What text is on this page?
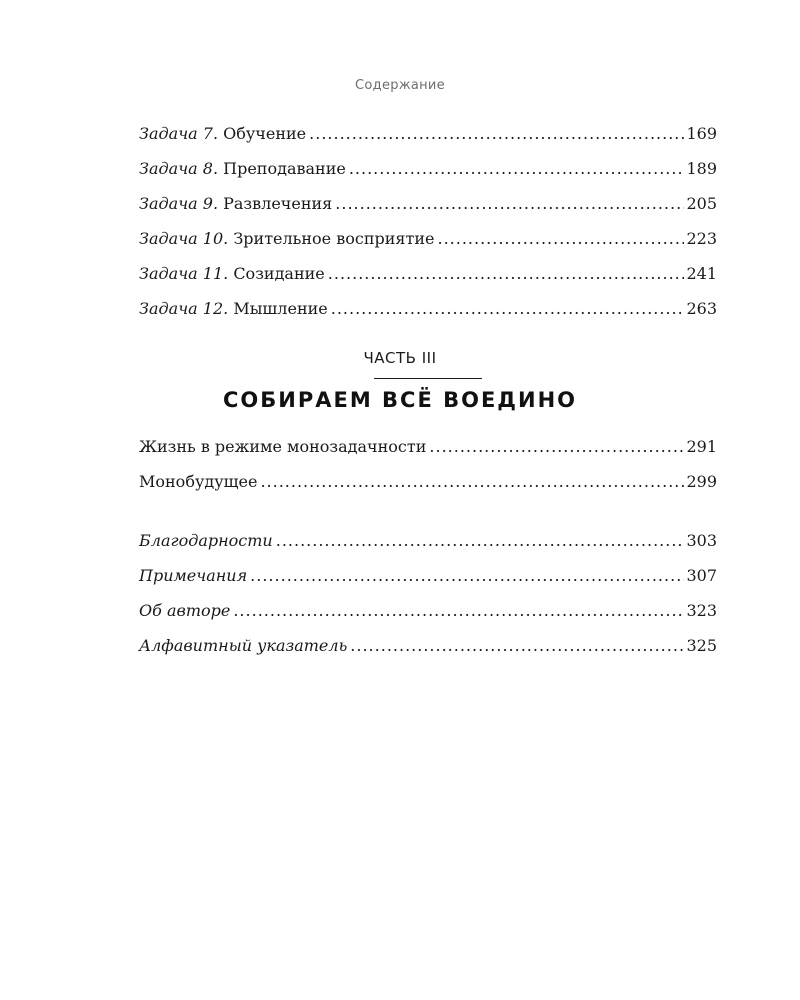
Содержание
Задача 7. Обучение .....	169
Задача 8. Преподавание .....	189
Задача 9. Развлечения .....	205
Задача 10. Зрительное восприятие .....	223
Задача 11. Созидание .....	241
Задача 12. Мышление .....	263
ЧАСТЬ III
СОБИРАЕМ ВСЁ ВОЕДИНО
Жизнь в режиме монозадачности .....	291
Монобудущее .....	299
Благодарности .....	303
Примечания .....	307
Об авторе .....	323
Алфавитный указатель .....	325
